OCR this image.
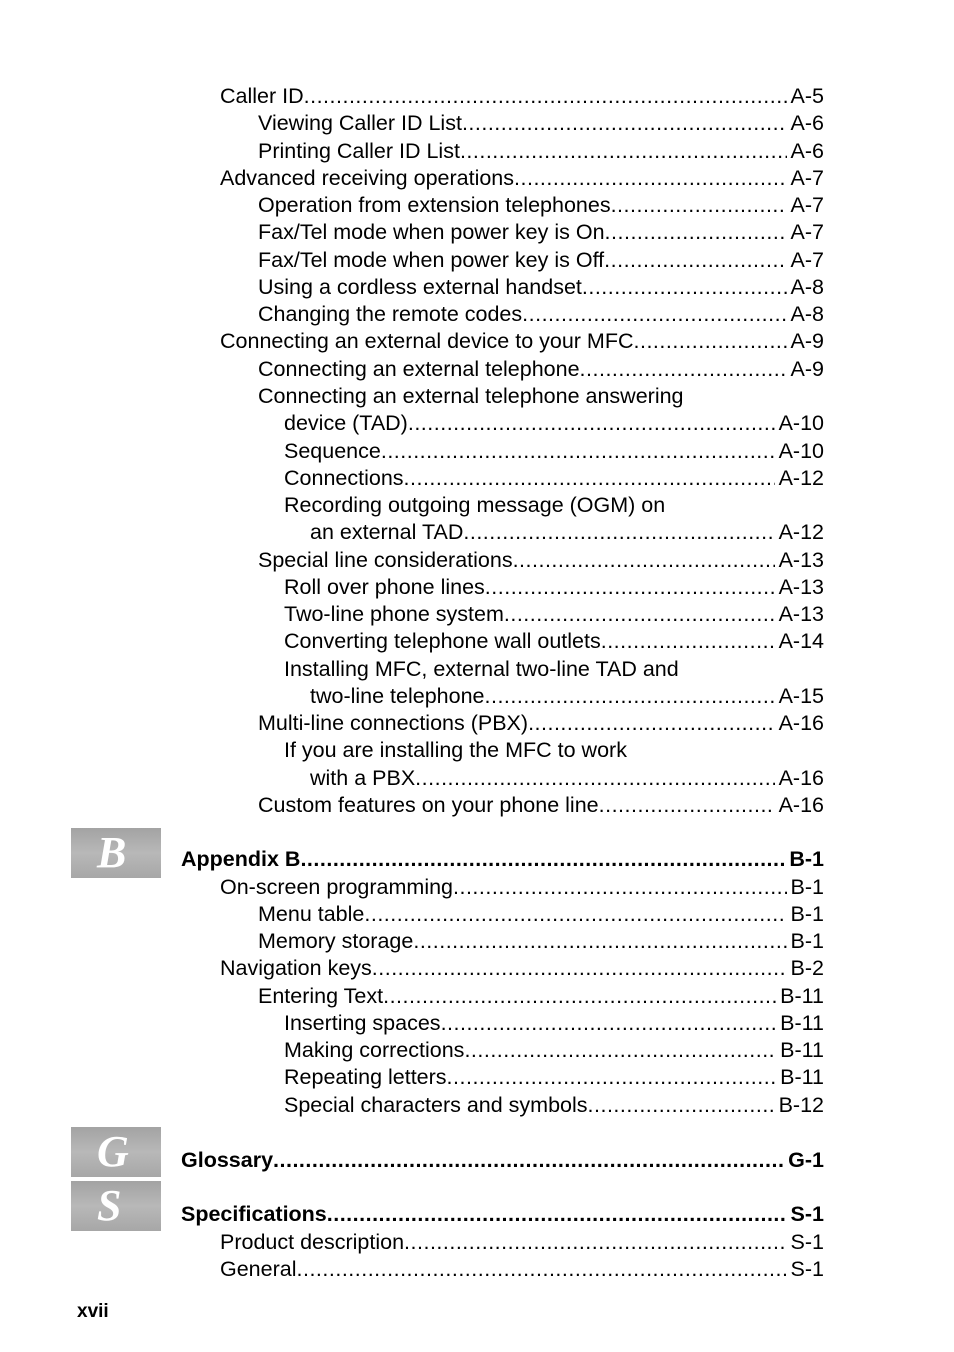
Caller ID .....	A-5
Viewing Caller ID List .....	A-6
Printing Caller ID List .....	A-6
Advanced receiving operations .....	A-7
Operation from extension telephones .....	A-7
Fax/Tel mode when power key is On .....	A-7
Fax/Tel mode when power key is Off .....	A-7
Using a cordless external handset .....	A-8
Changing the remote codes .....	A-8
Connecting an external device to your MFC .....	A-9
Connecting an external telephone .....	A-9
Connecting an external telephone answering
device (TAD) .....	A-10
Sequence .....	A-10
Connections .....	A-12
Recording outgoing message (OGM) on
an external TAD .....	A-12
Special line considerations .....	A-13
Roll over phone lines .....	A-13
Two-line phone system .....	A-13
Converting telephone wall outlets .....	A-14
Installing MFC, external two-line TAD and
two-line telephone .....	A-15
Multi-line connections (PBX) .....	A-16
If you are installing the MFC to work
with a PBX .....	A-16
Custom features on your phone line .....	A-16
Appendix B .....	B-1
On-screen programming .....	B-1
Menu table .....	B-1
Memory storage .....	B-1
Navigation keys .....	B-2
Entering Text .....	B-11
Inserting spaces .....	B-11
Making corrections .....	B-11
Repeating letters .....	B-11
Special characters and symbols .....	B-12
Glossary .....	G-1
Specifications .....	S-1
Product description .....	S-1
General .....	S-1
B
G
S
xvii
